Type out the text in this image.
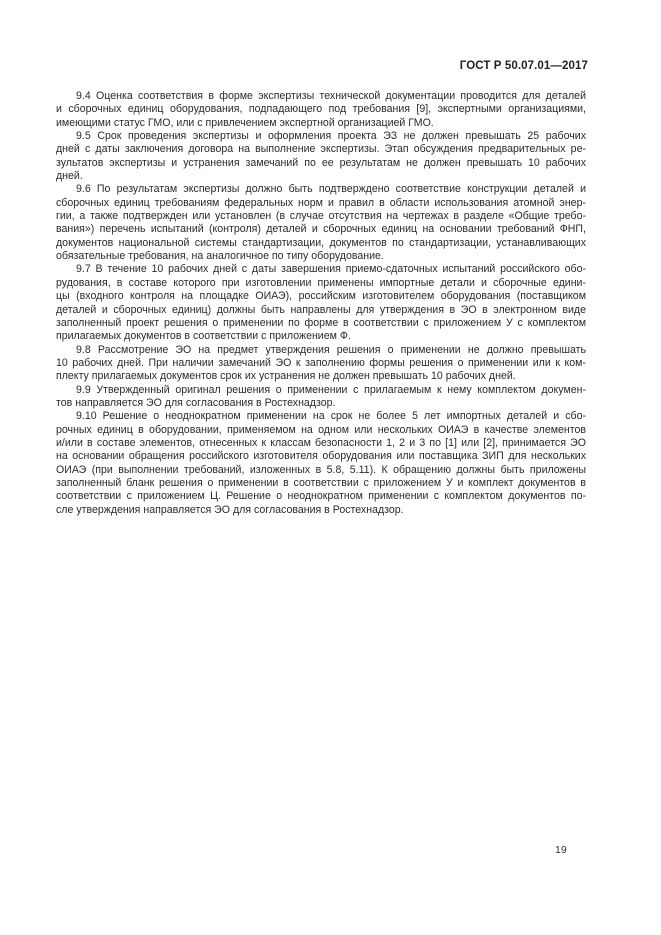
ГОСТ Р 50.07.01—2017
9.4 Оценка соответствия в форме экспертизы технической документации проводится для деталей
и сборочных единиц оборудования, подпадающего под требования [9], экспертными организациями,
имеющими статус ГМО, или с привлечением экспертной организацией ГМО.
9.5 Срок проведения экспертизы и оформления проекта ЭЗ не должен превышать 25 рабочих
дней с даты заключения договора на выполнение экспертизы. Этап обсуждения предварительных ре-
зультатов экспертизы и устранения замечаний по ее результатам не должен превышать 10 рабочих
дней.
9.6 По результатам экспертизы должно быть подтверждено соответствие конструкции деталей и
сборочных единиц требованиям федеральных норм и правил в области использования атомной энер-
гии, а также подтвержден или установлен (в случае отсутствия на чертежах в разделе «Общие требо-
вания») перечень испытаний (контроля) деталей и сборочных единиц на основании требований ФНП,
документов национальной системы стандартизации, документов по стандартизации, устанавливающих
обязательные требования, на аналогичное по типу оборудование.
9.7 В течение 10 рабочих дней с даты завершения приемо-сдаточных испытаний российского обо-
рудования, в составе которого при изготовлении применены импортные детали и сборочные едини-
цы (входного контроля на площадке ОИАЭ), российским изготовителем оборудования (поставщиком
деталей и сборочных единиц) должны быть направлены для утверждения в ЭО в электронном виде
заполненный проект решения о применении по форме в соответствии с приложением У с комплектом
прилагаемых документов в соответствии с приложением Ф.
9.8 Рассмотрение ЭО на предмет утверждения решения о применении не должно превышать
10 рабочих дней. При наличии замечаний ЭО к заполнению формы решения о применении или к ком-
плекту прилагаемых документов срок их устранения не должен превышать 10 рабочих дней.
9.9 Утвержденный оригинал решения о применении с прилагаемым к нему комплектом докумен-
тов направляется ЭО для согласования в Ростехнадзор.
9.10 Решение о неоднократном применении на срок не более 5 лет импортных деталей и сбо-
рочных единиц в оборудовании, применяемом на одном или нескольких ОИАЭ в качестве элементов
и/или в составе элементов, отнесенных к классам безопасности 1, 2 и 3 по [1] или [2], принимается ЭО
на основании обращения российского изготовителя оборудования или поставщика ЗИП для нескольких
ОИАЭ (при выполнении требований, изложенных в 5.8, 5.11). К обращению должны быть приложены
заполненный бланк решения о применении в соответствии с приложением У и комплект документов в
соответствии с приложением Ц. Решение о неоднократном применении с комплектом документов по-
сле утверждения направляется ЭО для согласования в Ростехнадзор.
19
